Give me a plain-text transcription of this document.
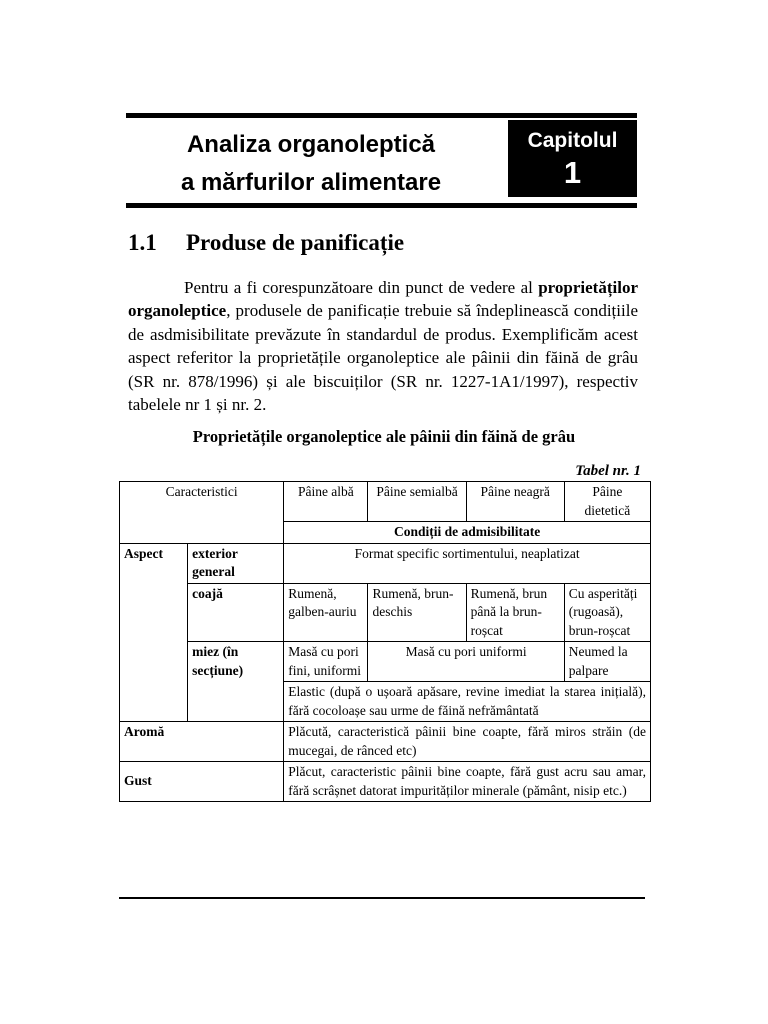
Analiza organoleptică
a mărfurilor alimentare
Capitolul
1
1.1 Produse de panificație
Pentru a fi corespunzătoare din punct de vedere al proprietăților organoleptice, produsele de panificație trebuie să îndeplinească condițiile de asdmisibilitate prevăzute în standardul de produs. Exemplificăm acest aspect referitor la proprietățile organoleptice ale pâinii din făină de grâu (SR nr. 878/1996) și ale biscuiților (SR nr. 1227-1A1/1997), respectiv tabelele nr 1 și nr. 2.
Proprietățile organoleptice ale pâinii din făină de grâu
Tabel nr. 1
Caracteristici		Pâine albă	Pâine semialbă	Pâine neagră	Pâine dietetică
		Condiții de admisibilitate			
Aspect	exterior general	Format specific sortimentului, neaplatizat			
	coajă	Rumenă, galben-auriu	Rumenă, brun-deschis	Rumenă, brun până la brun-roșcat	Cu asperități (rugoasă), brun-roșcat
	miez (în secțiune)	Masă cu pori fini, uniformi	Masă cu pori uniformi		Neumed la palpare
		Elastic (după o ușoară apăsare, revine imediat la starea inițială), fără cocoloașe sau urme de făină nefrământată			

Aromă		Plăcută, caracteristică pâinii bine coapte, fără miros străin (de mucegai, de rânced etc)			
Gust		Plăcut, caracteristic pâinii bine coapte, fără gust acru sau amar, fără scrâșnet datorat impurităților minerale (pământ, nisip etc.)			
